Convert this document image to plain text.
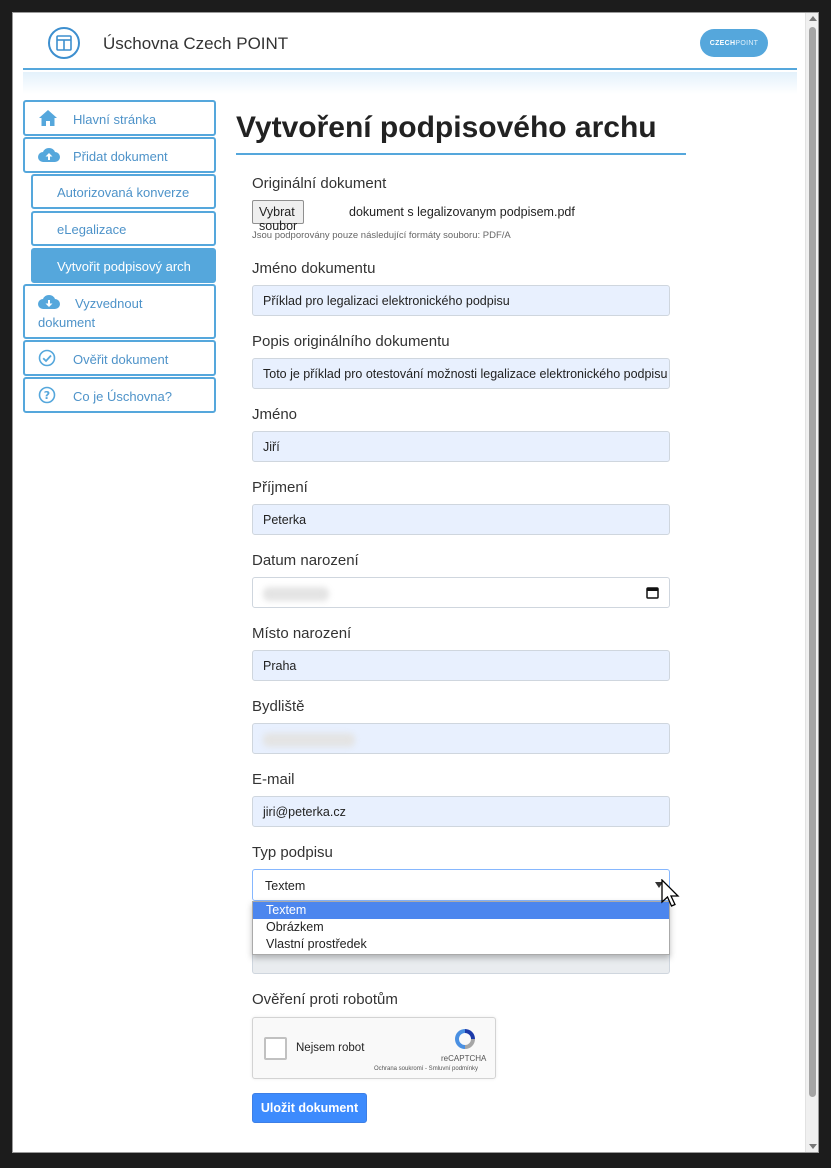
Úschovna Czech POINT	CZECH POINT
Hlavní stránka
Přidat dokument
Autorizovaná konverze
eLegalizace
Vytvořit podpisový arch
Vyzvednout
dokument
Ověřit dokument
? Co je Úschovna?
Vytvoření podpisového archu
Originální dokument
Vybrat soubor
dokument s legalizovanym podpisem.pdf
Jsou podporovány pouze následující formáty souboru: PDF/A
Jméno dokumentu
Příklad pro legalizaci elektronického podpisu
Popis originálního dokumentu
Toto je příklad pro otestování možnosti legalizace elektronického podpisu
Jméno
Jiří
Příjmení
Peterka
Datum narození
Místo narození
Praha
Bydliště
E-mail
jiri@peterka.cz
Typ podpisu
Textem
Textem
Obrázkem
Vlastní prostředek
Ověření proti robotům
Nejsem robot
reCAPTCHA
Ochrana soukromí - Smluvní podmínky
Uložit dokument
